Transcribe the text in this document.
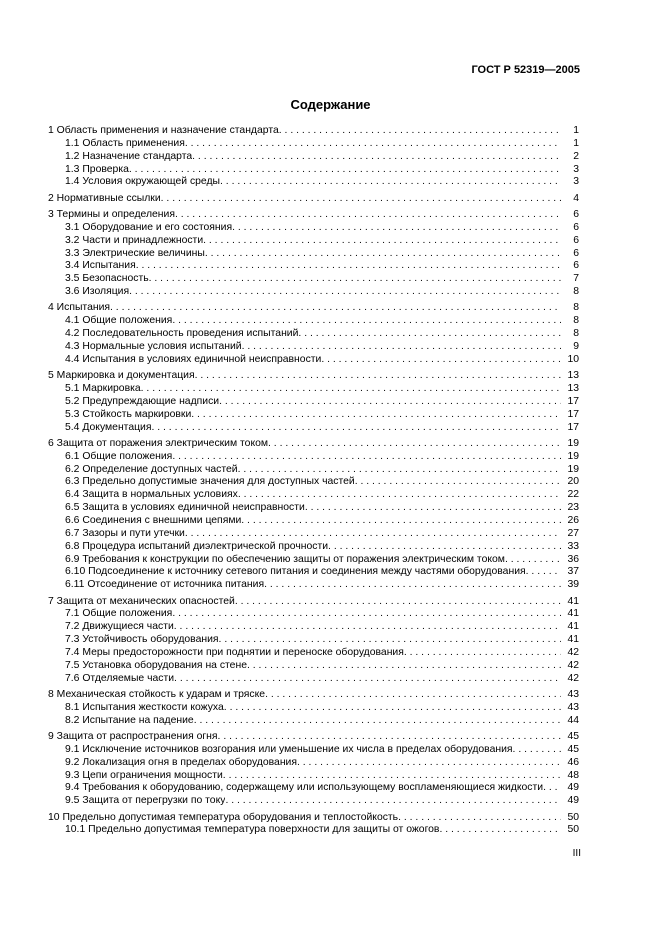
ГОСТ Р 52319—2005
Содержание
1 Область применения и назначение стандарта . . .	1
1.1 Область применения . . .	1
1.2 Назначение стандарта . . .	2
1.3 Проверка . . .	3
1.4 Условия окружающей среды . . .	3
2 Нормативные ссылки . . .	4
3 Термины и определения . . .	6
3.1 Оборудование и его состояния . . .	6
3.2 Части и принадлежности . . .	6
3.3 Электрические величины . . .	6
3.4 Испытания . . .	6
3.5 Безопасность . . .	7
3.6 Изоляция . . .	8
4 Испытания . . .	8
4.1 Общие положения . . .	8
4.2 Последовательность проведения испытаний . . .	8
4.3 Нормальные условия испытаний . . .	9
4.4 Испытания в условиях единичной неисправности . . .	10
5 Маркировка и документация . . .	13
5.1 Маркировка . . .	13
5.2 Предупреждающие надписи . . .	17
5.3 Стойкость маркировки . . .	17
5.4 Документация . . .	17
6 Защита от поражения электрическим током . . .	19
6.1 Общие положения . . .	19
6.2 Определение доступных частей . . .	19
6.3 Предельно допустимые значения для доступных частей . . .	20
6.4 Защита в нормальных условиях . . .	22
6.5 Защита в условиях единичной неисправности . . .	23
6.6 Соединения с внешними цепями . . .	26
6.7 Зазоры и пути утечки . . .	27
6.8 Процедура испытаний диэлектрической прочности . . .	33
6.9 Требования к конструкции по обеспечению защиты от поражения электрическим током . . .	36
6.10 Подсоединение к источнику сетевого питания и соединения между частями оборудования . . .	37
6.11 Отсоединение от источника питания . . .	39
7 Защита от механических опасностей . . .	41
7.1 Общие положения . . .	41
7.2 Движущиеся части . . .	41
7.3 Устойчивость оборудования . . .	41
7.4 Меры предосторожности при поднятии и переноске оборудования . . .	42
7.5 Установка оборудования на стене . . .	42
7.6 Отделяемые части . . .	42
8 Механическая стойкость к ударам и тряске . . .	43
8.1 Испытания жесткости кожуха . . .	43
8.2 Испытание на падение . . .	44
9 Защита от распространения огня . . .	45
9.1 Исключение источников возгорания или уменьшение их числа в пределах оборудования . . .	45
9.2 Локализация огня в пределах оборудования . . .	46
9.3 Цепи ограничения мощности . . .	48
9.4 Требования к оборудованию, содержащему или использующему воспламеняющиеся жидкости . . .	49
9.5 Защита от перегрузки по току . . .	49
10 Предельно допустимая температура оборудования и теплостойкость . . .	50
10.1 Предельно допустимая температура поверхности для защиты от ожогов . . .	50
III
